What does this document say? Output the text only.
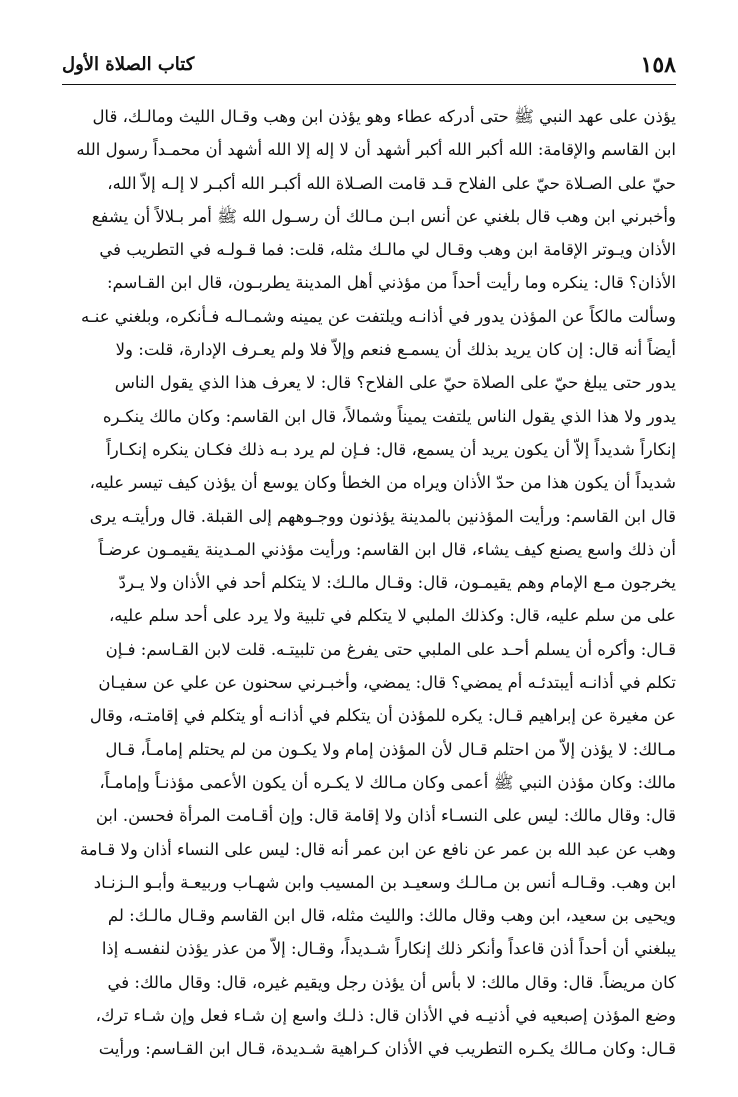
١٥٨
كتاب الصلاة الأول
يؤذن على عهد النبي ﷺ حتى أدركه عطاء وهو يؤذن ابن وهب وقـال الليث ومالـك، قال
ابن القاسم والإقامة: الله أكبر الله أكبر أشهد أن لا إله إلا الله أشهد أن محمـداً رسول الله
حيّ على الصـلاة حيّ على الفلاح قـد قامت الصـلاة الله أكبـر الله أكبـر لا إلـه إلاّ الله،
وأخبرني ابن وهب قال بلغني عن أنس ابـن مـالك أن رسـول الله ﷺ أمر بـلالاً أن يشفع
الأذان ويـوتر الإقامة ابن وهب وقـال لي مالـك مثله، قلت: فما قـولـه في التطريب في
الأذان؟ قال: ينكره وما رأيت أحداً من مؤذني أهل المدينة يطربـون، قال ابن القـاسم:
وسألت مالكاً عن المؤذن يدور في أذانـه ويلتفت عن يمينه وشمـالـه فـأنكره، وبلغني عنـه
أيضاً أنه قال: إن كان يريد بذلك أن يسمـع فنعم وإلاّ فلا ولم يعـرف الإدارة، قلت: ولا
يدور حتى يبلغ حيّ على الصلاة حيّ على الفلاح؟ قال: لا يعرف هذا الذي يقول الناس
يدور ولا هذا الذي يقول الناس يلتفت يميناً وشمالاً، قال ابن القاسم: وكان مالك ينكـره
إنكاراً شديداً إلاّ أن يكون يريد أن يسمع، قال: فـإن لم يرد بـه ذلك فكـان ينكره إنكـاراً
شديداً أن يكون هذا من حدّ الأذان ويراه من الخطأ وكان يوسع أن يؤذن كيف تيسر عليه،
قال ابن القاسم: ورأيت المؤذنين بالمدينة يؤذنون ووجـوههم إلى القبلة. قال ورأيتـه يرى
أن ذلك واسع يصنع كيف يشاء، قال ابن القاسم: ورأيت مؤذني المـدينة يقيمـون عرضـاً
يخرجون مـع الإمام وهم يقيمـون، قال: وقـال مالـك: لا يتكلم أحد في الأذان ولا يـردّ
على من سلم عليه، قال: وكذلك الملبي لا يتكلم في تلبية ولا يرد على أحد سلم عليه،
قـال: وأكره أن يسلم أحـد على الملبي حتى يفرغ من تلبيتـه. قلت لابن القـاسم: فـإن
تكلم في أذانـه أيبتدئـه أم يمضي؟ قال: يمضي، وأخبـرني سحنون عن علي عن سفيـان
عن مغيرة عن إبراهيم قـال: يكره للمؤذن أن يتكلم في أذانـه أو يتكلم في إقامتـه، وقال
مـالك: لا يؤذن إلاّ من احتلم قـال لأن المؤذن إمام ولا يكـون من لم يحتلم إمامـاً، قـال
مالك: وكان مؤذن النبي ﷺ أعمى وكان مـالك لا يكـره أن يكون الأعمى مؤذنـاً وإمامـاً،
قال: وقال مالك: ليس على النسـاء أذان ولا إقامة قال: وإن أقـامت المرأة فحسن. ابن
وهب عن عبد الله بن عمر عن نافع عن ابن عمر أنه قال: ليس على النساء أذان ولا قـامة
ابن وهب. وقـالـه أنس بن مـالـك وسعيـد بن المسيب وابن شهـاب وربيعـة وأبـو الـزنـاد
ويحيى بن سعيد، ابن وهب وقال مالك: والليث مثله، قال ابن القاسم وقـال مالـك: لم
يبلغني أن أحداً أذن قاعداً وأنكر ذلك إنكاراً شـديداً، وقـال: إلاّ من عذر يؤذن لنفسـه إذا
كان مريضاً. قال: وقال مالك: لا بأس أن يؤذن رجل ويقيم غيره، قال: وقال مالك: في
وضع المؤذن إصبعيه في أذنيـه في الأذان قال: ذلـك واسع إن شـاء فعل وإن شـاء ترك،
قـال: وكان مـالك يكـره التطريب في الأذان كـراهية شـديدة، قـال ابن القـاسم: ورأيت
